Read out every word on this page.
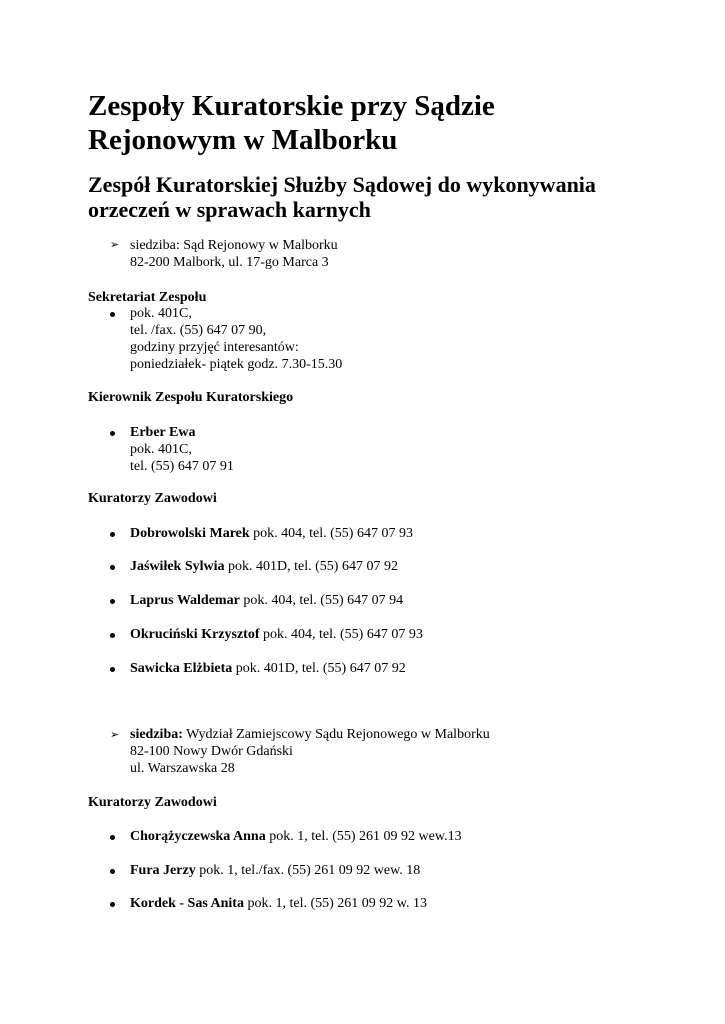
Zespoły Kuratorskie przy Sądzie
Rejonowym w Malborku
Zespół Kuratorskiej Służby Sądowej do wykonywania
orzeczeń w sprawach karnych
➢ siedziba: Sąd Rejonowy w Malborku
82-200 Malbork, ul. 17-go Marca 3
Sekretariat Zespołu
pok. 401C,
tel. /fax. (55) 647 07 90,
godziny przyjęć interesantów:
poniedziałek- piątek godz. 7.30-15.30
Kierownik Zespołu Kuratorskiego
Erber Ewa
pok. 401C,
tel. (55) 647 07 91
Kuratorzy Zawodowi
Dobrowolski Marek pok. 404, tel. (55) 647 07 93
Jaświłek Sylwia pok. 401D, tel. (55) 647 07 92
Laprus Waldemar pok. 404, tel. (55) 647 07 94
Okruciński Krzysztof pok. 404, tel. (55) 647 07 93
Sawicka Elżbieta pok. 401D, tel. (55) 647 07 92
➢ siedziba: Wydział Zamiejscowy Sądu Rejonowego w Malborku
82-100 Nowy Dwór Gdański
ul. Warszawska 28
Kuratorzy Zawodowi
Chorążyczewska Anna pok. 1, tel. (55) 261 09 92 wew.13
Fura Jerzy pok. 1, tel./fax. (55) 261 09 92 wew. 18
Kordek - Sas Anita pok. 1, tel. (55) 261 09 92 w. 13
